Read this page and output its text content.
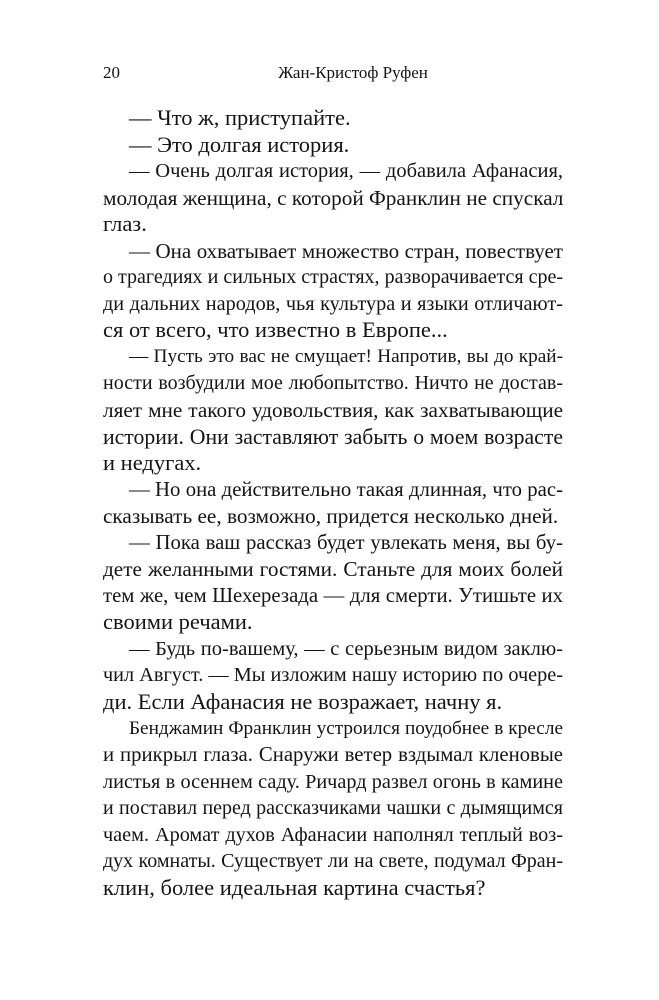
20	Жан-Кристоф Руфен
— Что ж, приступайте.
— Это долгая история.
— Очень долгая история, — добавила Афанасия,
молодая женщина, с которой Франклин не спускал
глаз.
— Она охватывает множество стран, повествует
о трагедиях и сильных страстях, разворачивается сре-
ди дальних народов, чья культура и языки отличают-
ся от всего, что известно в Европе...
— Пусть это вас не смущает! Напротив, вы до край-
ности возбудили мое любопытство. Ничто не достав-
ляет мне такого удовольствия, как захватывающие
истории. Они заставляют забыть о моем возрасте
и недугах.
— Но она действительно такая длинная, что рас-
сказывать ее, возможно, придется несколько дней.
— Пока ваш рассказ будет увлекать меня, вы бу-
дете желанными гостями. Станьте для моих болей
тем же, чем Шехерезада — для смерти. Утишьте их
своими речами.
— Будь по-вашему, — с серьезным видом заклю-
чил Август. — Мы изложим нашу историю по очере-
ди. Если Афанасия не возражает, начну я.
Бенджамин Франклин устроился поудобнее в кресле
и прикрыл глаза. Снаружи ветер вздымал кленовые
листья в осеннем саду. Ричард развел огонь в камине
и поставил перед рассказчиками чашки с дымящимся
чаем. Аромат духов Афанасии наполнял теплый воз-
дух комнаты. Существует ли на свете, подумал Фран-
клин, более идеальная картина счастья?
